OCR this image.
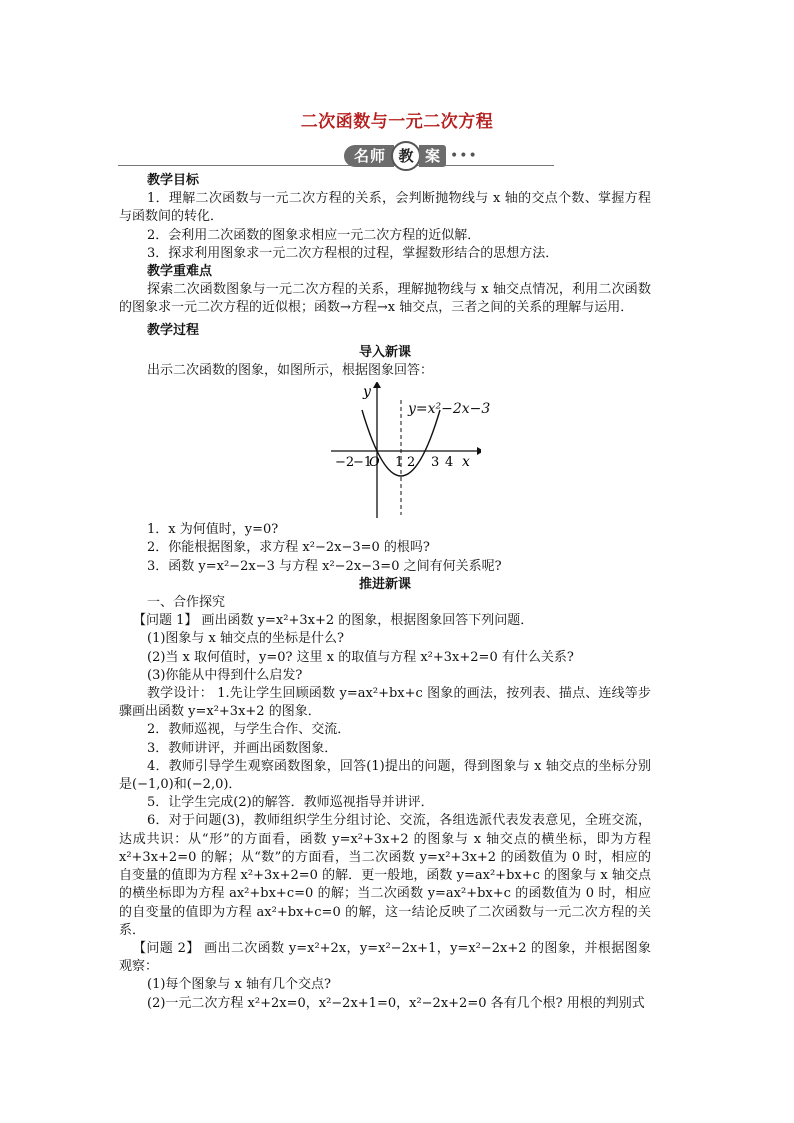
二次函数与一元二次方程
名师 教 案 •••
教学目标

1．理解二次函数与一元二次方程的关系，会判断抛物线与 x 轴的交点个数、掌握方程与函数间的转化．

2．会利用二次函数的图象求相应一元二次方程的近似解．

3．探求利用图象求一元二次方程根的过程，掌握数形结合的思想方法．

教学重难点

探索二次函数图象与一元二次方程的关系，理解抛物线与 x 轴交点情况，利用二次函数的图象求一元二次方程的近似根；函数→方程→x 轴交点，三者之间的关系的理解与运用．

教学过程
导入新课

出示二次函数的图象，如图所示，根据图象回答：

−2
−1
O 1 2 3 4 x
y
y=x²−2x−3

1．x 为何值时，y=0?

2．你能根据图象，求方程 x²−2x−3=0 的根吗?

3．函数 y=x²−2x−3 与方程 x²−2x−3=0 之间有何关系呢?

推进新课

一、合作探究

【问题 1】 画出函数 y=x²+3x+2 的图象，根据图象回答下列问题．

(1)图象与 x 轴交点的坐标是什么?

(2)当 x 取何值时，y=0? 这里 x 的取值与方程 x²+3x+2=0 有什么关系?

(3)你能从中得到什么启发?

教学设计： 1.先让学生回顾函数 y=ax²+bx+c 图象的画法，按列表、描点、连线等步骤画出函数 y=x²+3x+2 的图象．

2．教师巡视，与学生合作、交流．

3．教师讲评，并画出函数图象．

4．教师引导学生观察函数图象，回答(1)提出的问题，得到图象与 x 轴交点的坐标分别是(−1,0)和(−2,0)．

5．让学生完成(2)的解答．教师巡视指导并讲评．

6．对于问题(3)，教师组织学生分组讨论、交流，各组选派代表发表意见，全班交流，达成共识：从“形”的方面看，函数 y=x²+3x+2 的图象与 x 轴交点的横坐标，即为方程 x²+3x+2=0 的解；从“数”的方面看，当二次函数 y=x²+3x+2 的函数值为 0 时，相应的自变量的值即为方程 x²+3x+2=0 的解．更一般地，函数 y=ax²+bx+c 的图象与 x 轴交点的横坐标即为方程 ax²+bx+c=0 的解；当二次函数 y=ax²+bx+c 的函数值为 0 时，相应的自变量的值即为方程 ax²+bx+c=0 的解，这一结论反映了二次函数与一元二次方程的关系．

【问题 2】 画出二次函数 y=x²+2x，y=x²−2x+1，y=x²−2x+2 的图象，并根据图象观察：

(1)每个图象与 x 轴有几个交点?

(2)一元二次方程 x²+2x=0，x²−2x+1=0，x²−2x+2=0 各有几个根? 用根的判别式
